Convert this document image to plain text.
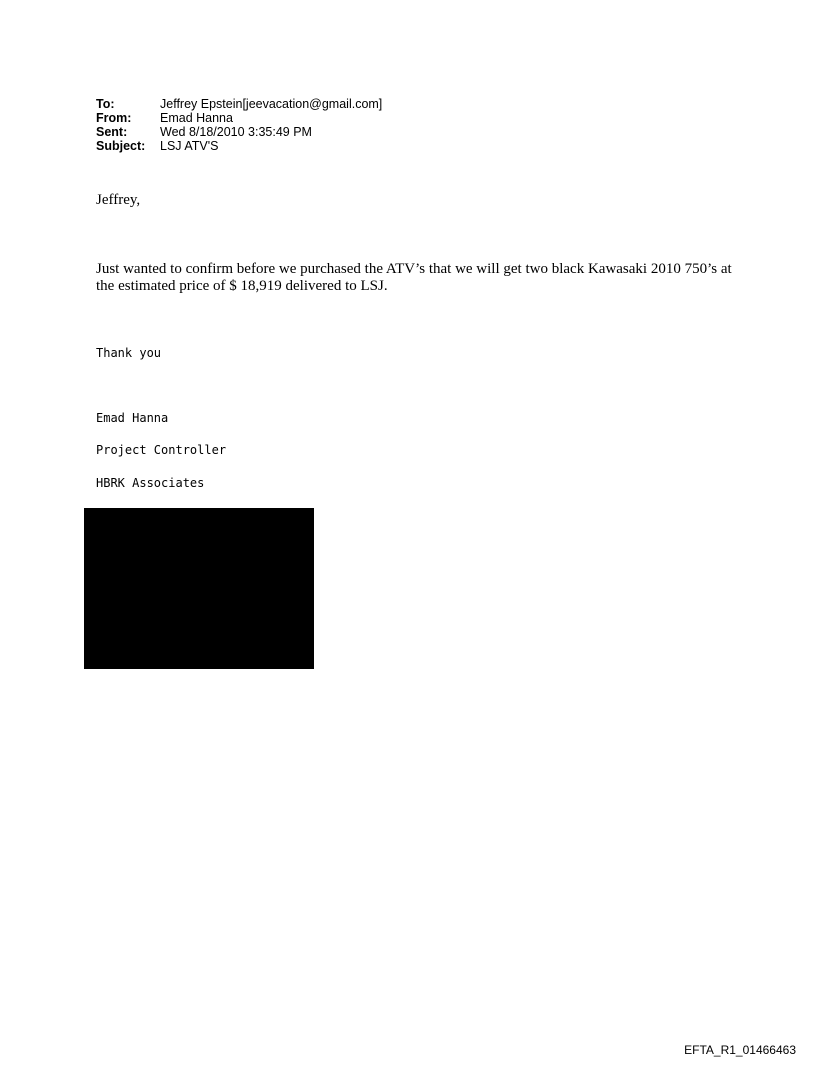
To:	Jeffrey Epstein[jeevacation@gmail.com]
From:	Emad Hanna
Sent:	Wed 8/18/2010 3:35:49 PM
Subject:	LSJ ATV'S

Jeffrey,

Just wanted to confirm before we purchased the ATV’s that we will get two black Kawasaki 2010 750’s at the estimated price of $ 18,919 delivered to LSJ.

Thank you

Emad Hanna

Project Controller

HBRK Associates

EFTA_R1_01466463
